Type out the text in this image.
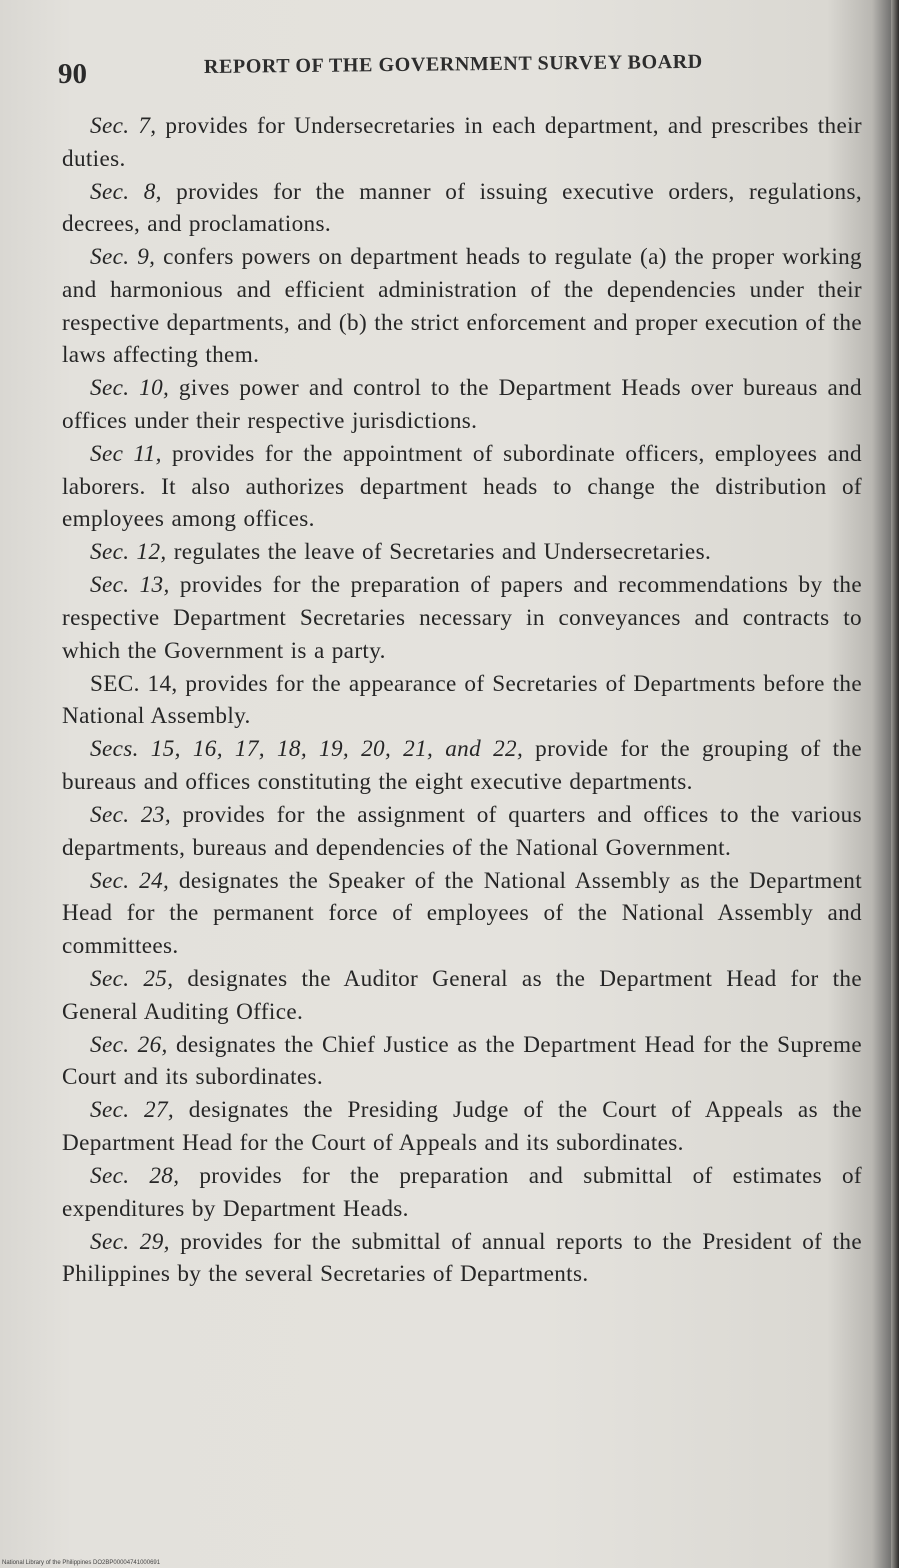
90	REPORT OF THE GOVERNMENT SURVEY BOARD

Sec. 7, provides for Undersecretaries in each department, and prescribes their duties.

Sec. 8, provides for the manner of issuing executive orders, regulations, decrees, and proclamations.

Sec. 9, confers powers on department heads to regulate (a) the proper working and harmonious and efficient administration of the dependencies under their respective departments, and (b) the strict enforcement and proper execution of the laws affecting them.

Sec. 10, gives power and control to the Department Heads over bureaus and offices under their respective jurisdictions.

Sec 11, provides for the appointment of subordinate officers, employees and laborers. It also authorizes department heads to change the distribution of employees among offices.

Sec. 12, regulates the leave of Secretaries and Undersecretaries.

Sec. 13, provides for the preparation of papers and recommendations by the respective Department Secretaries necessary in conveyances and contracts to which the Government is a party.

SEC. 14, provides for the appearance of Secretaries of Departments before the National Assembly.

Secs. 15, 16, 17, 18, 19, 20, 21, and 22, provide for the grouping of the bureaus and offices constituting the eight executive departments.

Sec. 23, provides for the assignment of quarters and offices to the various departments, bureaus and dependencies of the National Government.

Sec. 24, designates the Speaker of the National Assembly as the Department Head for the permanent force of employees of the National Assembly and committees.

Sec. 25, designates the Auditor General as the Department Head for the General Auditing Office.

Sec. 26, designates the Chief Justice as the Department Head for the Supreme Court and its subordinates.

Sec. 27, designates the Presiding Judge of the Court of Appeals as the Department Head for the Court of Appeals and its subordinates.

Sec. 28, provides for the preparation and submittal of estimates of expenditures by Department Heads.

Sec. 29, provides for the submittal of annual reports to the President of the Philippines by the several Secretaries of Departments.

National Library of the Philippines DO2BP00004741000691
